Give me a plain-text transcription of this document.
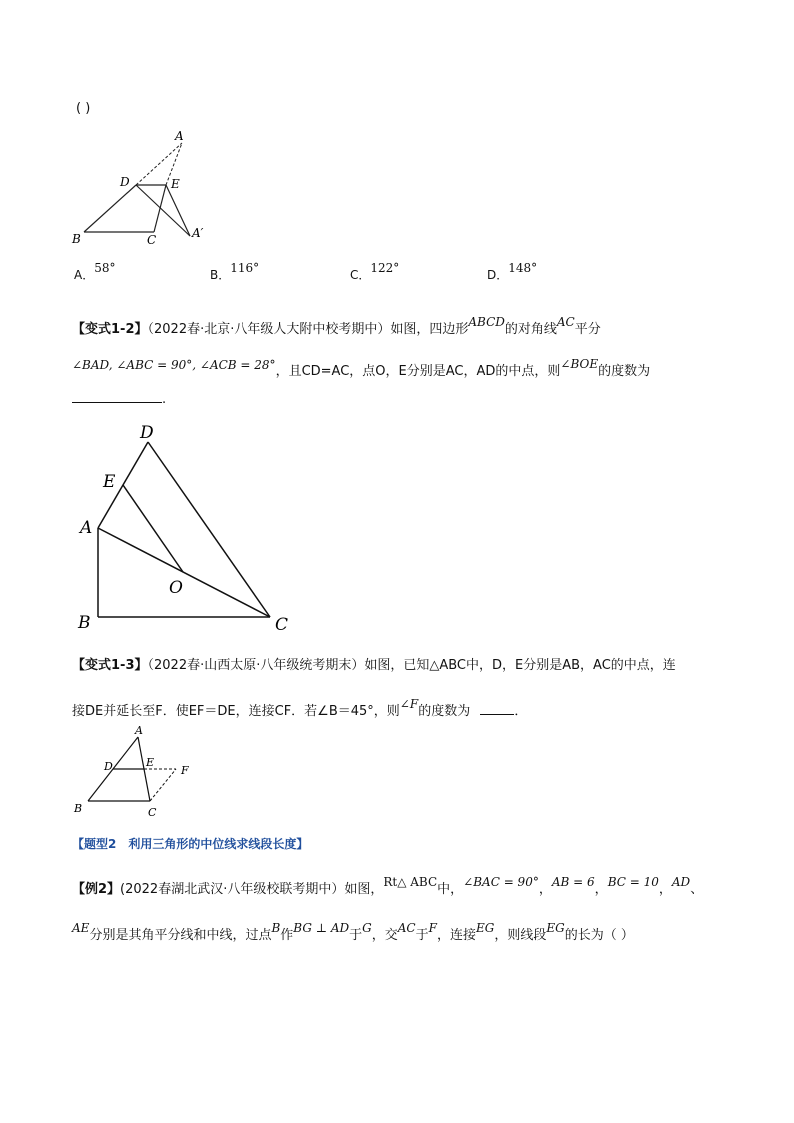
( )
A
D	E
B	C	A′
A．58°	B．116°	C．122°	D．148°
【变式1-2】（2022春·北京·八年级人大附中校考期中）如图，四边形ABCD的对角线AC平分
∠BAD, ∠ABC = 90°, ∠ACB = 28°，且CD=AC，点O，E分别是AC，AD的中点，则∠BOE的度数为
.
D
E
A
O
B	C
【变式1-3】（2022春·山西太原·八年级统考期末）如图，已知△ABC中，D，E分别是AB，AC的中点，连
接DE并延长至F．使EF＝DE，连接CF．若∠B＝45°，则∠F的度数为	．
A
D	E
F
B	C
【题型2　利用三角形的中位线求线段长度】
【例2】(2022春湖北武汉·八年级校联考期中）如图，Rt△ ABC中，∠BAC = 90°，AB = 6，BC = 10，AD、
AE分别是其角平分线和中线，过点B作BG ⊥ AD于G，交AC于F，连接EG，则线段EG的长为（ ）
